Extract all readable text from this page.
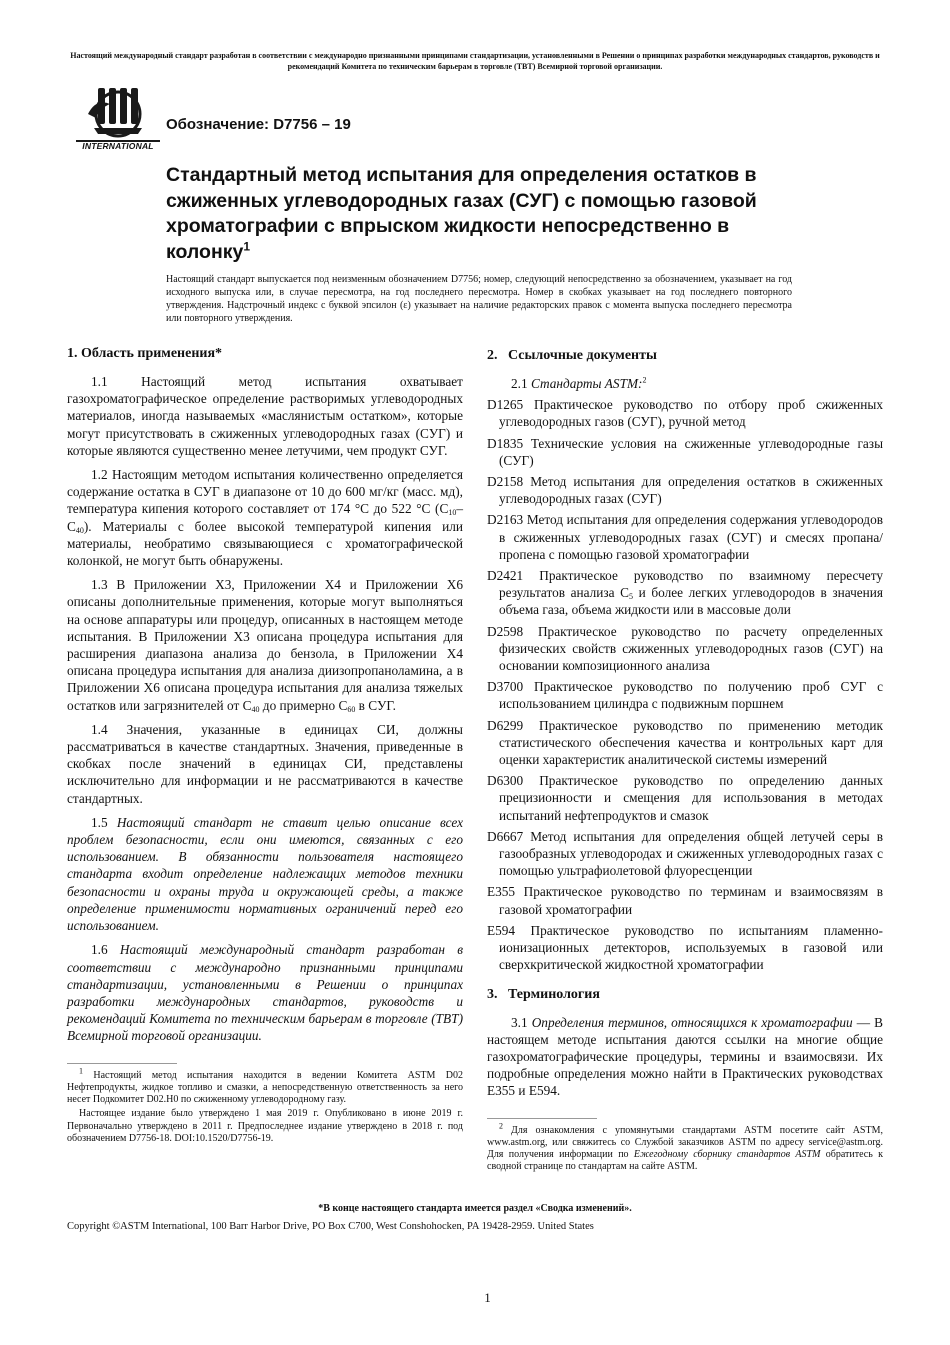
Настоящий международный стандарт разработан в соответствии с международно признанными принципами стандартизации, установленными в Решении о принципах разработки международных стандартов, руководств и рекомендаций Комитета по техническим барьерам в торговле (TBT) Всемирной торговой организации.
INTERNATIONAL
Обозначение: D7756 – 19
Стандартный метод испытания для определения остатков в сжиженных углеводородных газах (СУГ) с помощью газовой хроматографии с впрыском жидкости непосредственно в колонку$^1$

Настоящий стандарт выпускается под неизменным обозначением D7756; номер, следующий непосредственно за обозначением, указывает на год исходного выпуска или, в случае пересмотра, на год последнего пересмотра. Номер в скобках указывает на год последнего повторного утверждения. Надстрочный индекс с буквой эпсилон (ε) указывает на наличие редакторских правок с момента выпуска последнего пересмотра или повторного утверждения.

1. Область применения*

1.1 Настоящий метод испытания охватывает газохроматографическое определение растворимых углеводородных материалов, иногда называемых «маслянистым остатком», которые могут присутствовать в сжиженных углеводородных газах (СУГ) и которые являются существенно менее летучими, чем продукт СУГ.

1.2 Настоящим методом испытания количественно определяется содержание остатка в СУГ в диапазоне от 10 до 600 мг/кг (масс. мд), температура кипения которого составляет от 174 °C до 522 °C $(C_{10}-C_{40})$. Материалы с более высокой температурой кипения или материалы, необратимо связывающиеся с хроматографической колонкой, не могут быть обнаружены.

1.3 В Приложении X3, Приложении X4 и Приложении X6 описаны дополнительные применения, которые могут выполняться на основе аппаратуры или процедур, описанных в настоящем методе испытания. В Приложении X3 описана процедура испытания для расширения диапазона анализа до бензола, в Приложении X4 описана процедура испытания для анализа диизопропаноламина, а в Приложении X6 описана процедура испытания для анализа тяжелых остатков или загрязнителей от $C_{40}$ до примерно $C_{60}$ в СУГ.

1.4 Значения, указанные в единицах СИ, должны рассматриваться в качестве стандартных. Значения, приведенные в скобках после значений в единицах СИ, представлены исключительно для информации и не рассматриваются в качестве стандартных.

1.5 Настоящий стандарт не ставит целью описание всех проблем безопасности, если они имеются, связанных с его использованием. В обязанности пользователя настоящего стандарта входит определение надлежащих методов техники безопасности и охраны труда и окружающей среды, а также определение применимости нормативных ограничений перед его использованием.

1.6 Настоящий международный стандарт разработан в соответствии с международно признанными принципами стандартизации, установленными в Решении о принципах разработки международных стандартов, руководств и рекомендаций Комитета по техническим барьерам в торговле (TBT) Всемирной торговой организации.

$^1$ Настоящий метод испытания находится в ведении Комитета ASTM D02 Нефтепродукты, жидкое топливо и смазки, а непосредственную ответственность за него несет Подкомитет D02.H0 по сжиженному углеводородному газу.

Настоящее издание было утверждено 1 мая 2019 г. Опубликовано в июне 2019 г. Первоначально утверждено в 2011 г. Предпоследнее издание утверждено в 2018 г. под обозначением D7756-18. DOI:10.1520/D7756-19.

2.   Ссылочные документы

2.1 Стандарты ASTM:$^2$

D1265 Практическое руководство по отбору проб сжиженных углеводородных газов (СУГ), ручной метод
D1835 Технические условия на сжиженные углеводородные газы (СУГ)
D2158 Метод испытания для определения остатков в сжиженных углеводородных газах (СУГ)
D2163 Метод испытания для определения содержания углеводородов в сжиженных углеводородных газах (СУГ) и смесях пропана/пропена с помощью газовой хроматографии
D2421 Практическое руководство по взаимному пересчету результатов анализа $C_5$ и более легких углеводородов в значения объема газа, объема жидкости или в массовые доли
D2598 Практическое руководство по расчету определенных физических свойств сжиженных углеводородных газов (СУГ) на основании композиционного анализа
D3700 Практическое руководство по получению проб СУГ с использованием цилиндра с подвижным поршнем
D6299 Практическое руководство по применению методик статистического обеспечения качества и контрольных карт для оценки характеристик аналитической системы измерений
D6300 Практическое руководство по определению данных прецизионности и смещения для использования в методах испытаний нефтепродуктов и смазок
D6667 Метод испытания для определения общей летучей серы в газообразных углеводородах и сжиженных углеводородных газах с помощью ультрафиолетовой флуоресценции
E355 Практическое руководство по терминам и взаимосвязям в газовой хроматографии
E594 Практическое руководство по испытаниям пламенно-ионизационных детекторов, используемых в газовой или сверхкритической жидкостной хроматографии
3.   Терминология

3.1 Определения терминов, относящихся к хроматографии — В настоящем методе испытания даются ссылки на многие общие газохроматографические процедуры, термины и взаимосвязи. Их подробные определения можно найти в Практических руководствах E355 и E594.

$^2$ Для ознакомления с упомянутыми стандартами ASTM посетите сайт ASTM, www.astm.org, или свяжитесь со Службой заказчиков ASTM по адресу service@astm.org. Для получения информации по Ежегодному сборнику стандартов ASTM обратитесь к сводной странице по стандартам на сайте ASTM.

*В конце настоящего стандарта имеется раздел «Сводка изменений».
Copyright ©ASTM International, 100 Barr Harbor Drive, PO Box C700, West Conshohocken, PA 19428-2959. United States
1
